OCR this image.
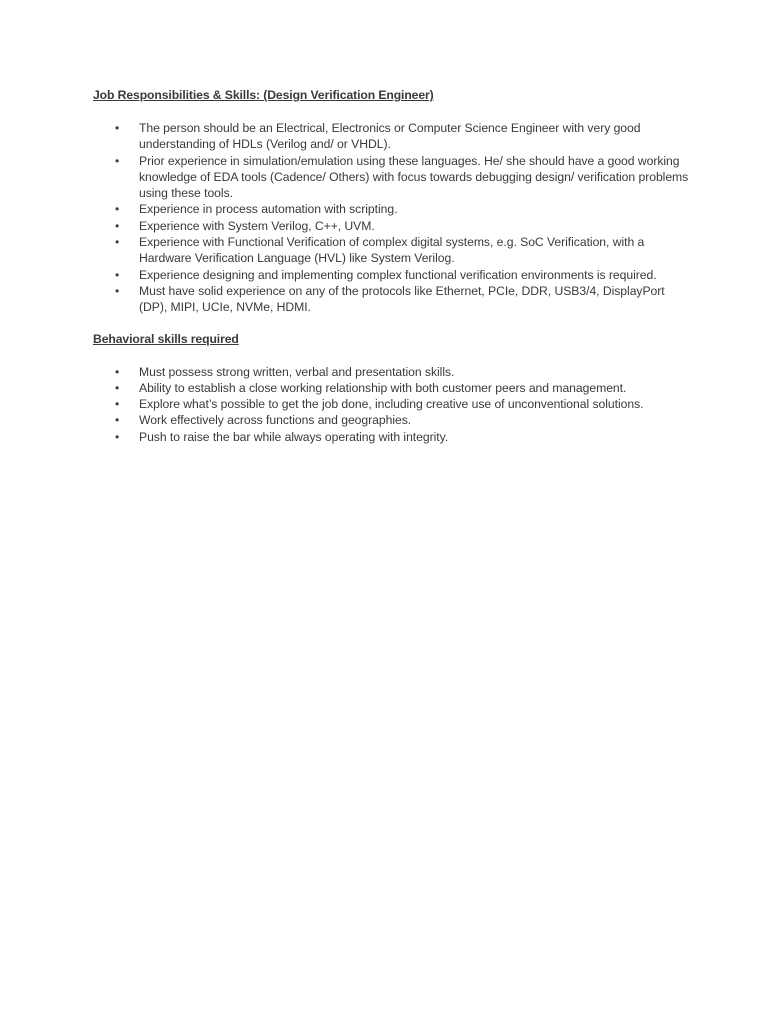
Job Responsibilities & Skills: (Design Verification Engineer)

• The person should be an Electrical, Electronics or Computer Science Engineer with very good understanding of HDLs (Verilog and/ or VHDL).
• Prior experience in simulation/emulation using these languages. He/ she should have a good working knowledge of EDA tools (Cadence/ Others) with focus towards debugging design/ verification problems using these tools.
• Experience in process automation with scripting.
• Experience with System Verilog, C++, UVM.
• Experience with Functional Verification of complex digital systems, e.g. SoC Verification, with a Hardware Verification Language (HVL) like System Verilog.
• Experience designing and implementing complex functional verification environments is required.
• Must have solid experience on any of the protocols like Ethernet, PCIe, DDR, USB3/4, DisplayPort (DP), MIPI, UCIe, NVMe, HDMI.

Behavioral skills required

• Must possess strong written, verbal and presentation skills.
• Ability to establish a close working relationship with both customer peers and management.
• Explore what’s possible to get the job done, including creative use of unconventional solutions.
• Work effectively across functions and geographies.
• Push to raise the bar while always operating with integrity.
